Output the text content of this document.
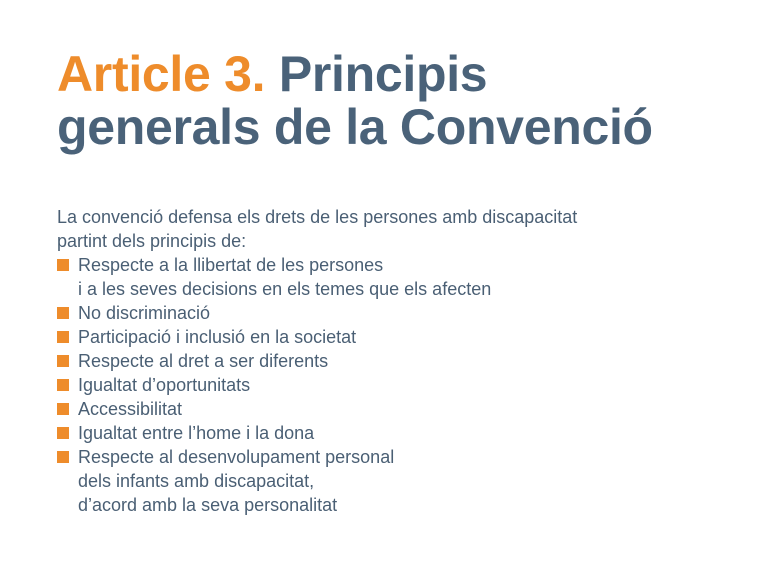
Article 3. Principis
generals de la Convenció

La convenció defensa els drets de les persones amb discapacitat
partint dels principis de:

Respecte a la llibertat de les persones
i a les seves decisions en els temes que els afecten
No discriminació
Participació i inclusió en la societat
Respecte al dret a ser diferents
Igualtat d’oportunitats
Accessibilitat
Igualtat entre l’home i la dona
Respecte al desenvolupament personal
dels infants amb discapacitat,
d’acord amb la seva personalitat
